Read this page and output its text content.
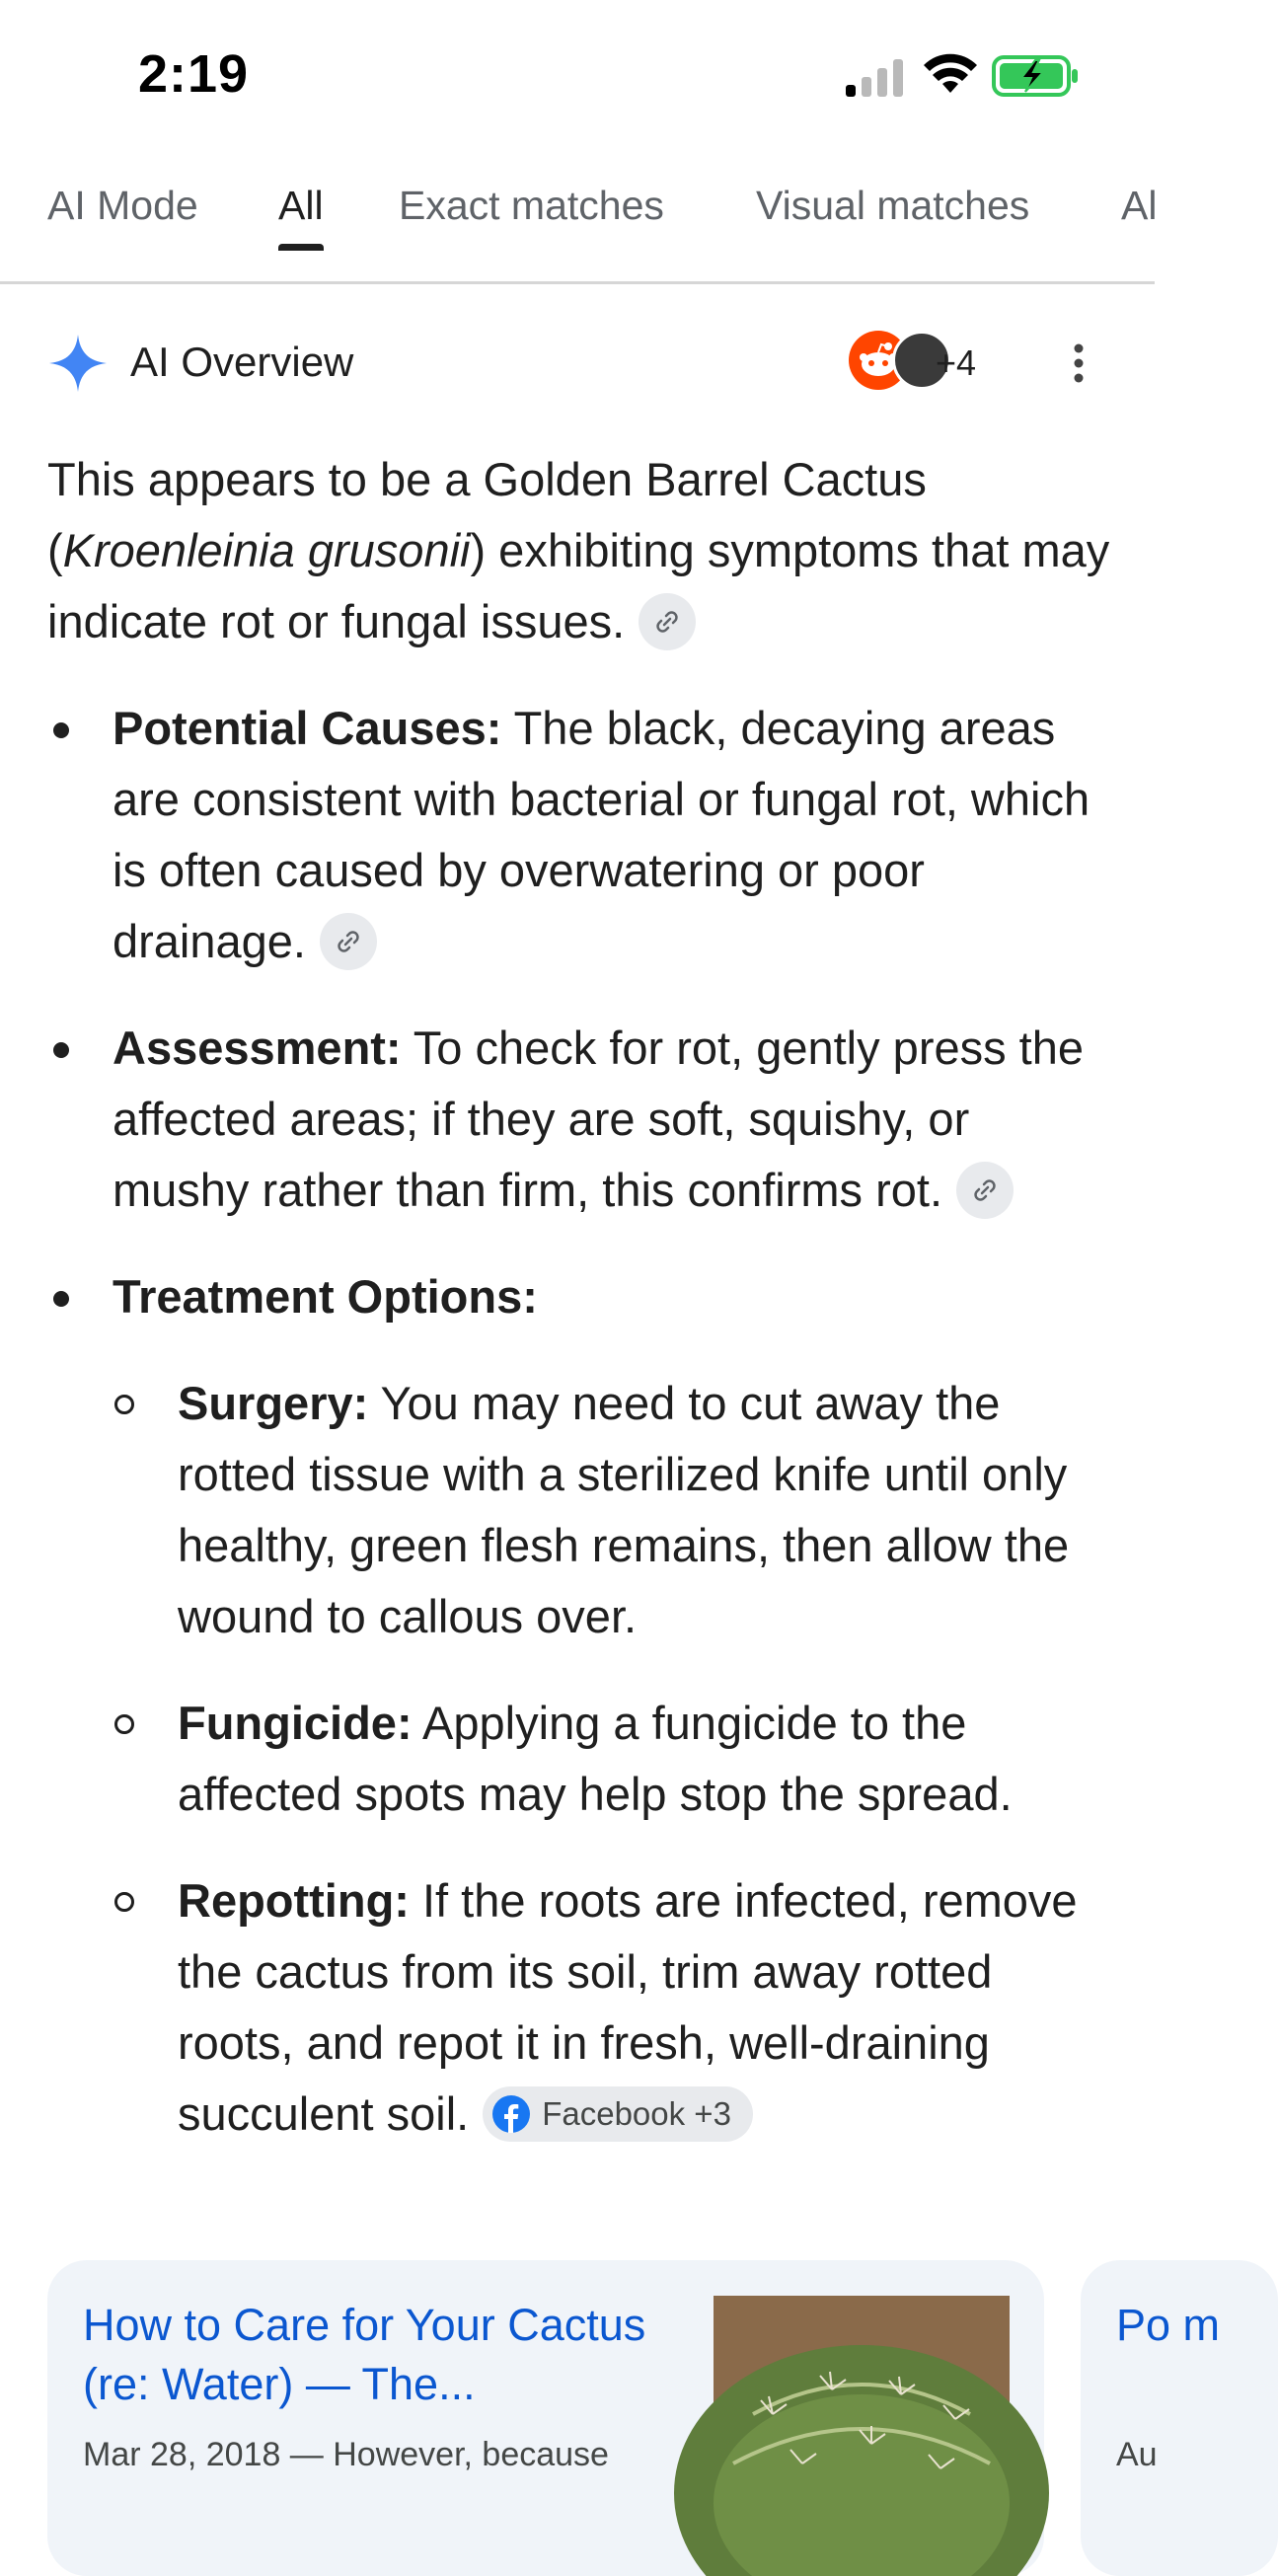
2:19
AI Mode All Exact matches Visual matches Al
AI Overview	+4

This appears to be a Golden Barrel Cactus (Kroenleinia grusonii) exhibiting symptoms that may indicate rot or fungal issues.

Potential Causes: The black, decaying areas are consistent with bacterial or fungal rot, which is often caused by overwatering or poor drainage.
Assessment: To check for rot, gently press the affected areas; if they are soft, squishy, or mushy rather than firm, this confirms rot.
Treatment Options:
Surgery: You may need to cut away the rotted tissue with a sterilized knife until only healthy, green flesh remains, then allow the wound to callous over.
Fungicide: Applying a fungicide to the affected spots may help stop the spread.
Repotting: If the roots are infected, remove the cactus from its soil, trim away rotted roots, and repot it in fresh, well-draining succulent soil. Facebook +3
How to Care for Your Cactus (re: Water) — The...
Mar 28, 2018 — However, because
Po m
Au
